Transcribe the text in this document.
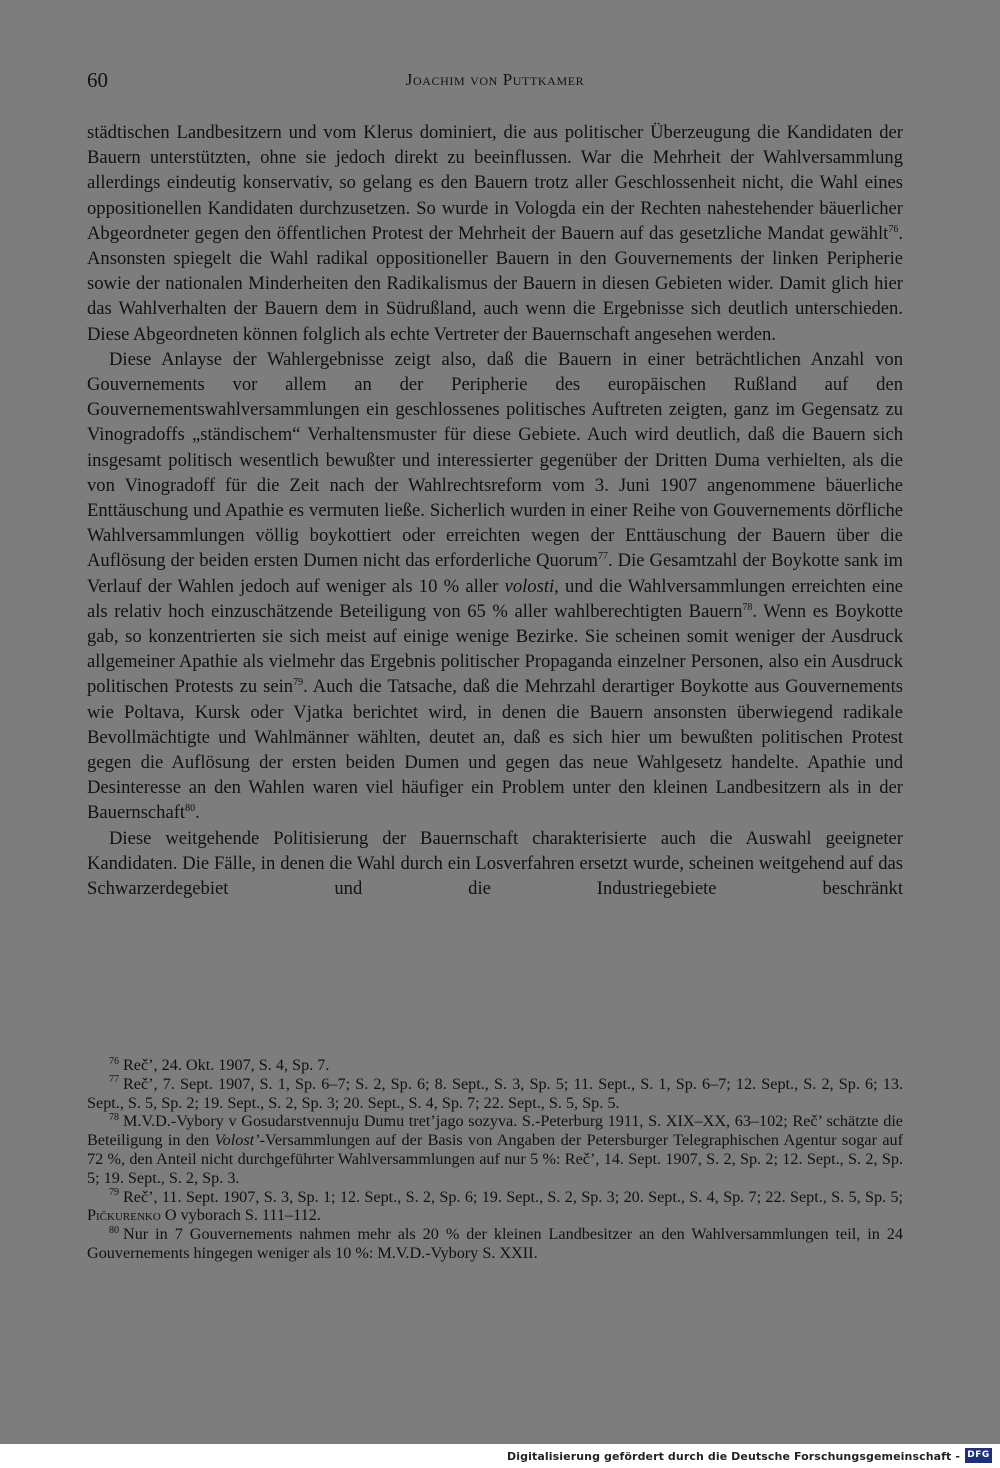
60	Joachim von Puttkamer

städtischen Landbesitzern und vom Klerus dominiert, die aus politischer Überzeugung die Kandidaten der Bauern unterstützten, ohne sie jedoch direkt zu beeinflussen. War die Mehrheit der Wahlversammlung allerdings eindeutig konservativ, so gelang es den Bauern trotz aller Geschlossenheit nicht, die Wahl eines oppositionellen Kandidaten durchzusetzen. So wurde in Vologda ein der Rechten nahestehender bäuerlicher Abgeordneter gegen den öffentlichen Protest der Mehrheit der Bauern auf das gesetzliche Mandat gewählt$^{76}$. Ansonsten spiegelt die Wahl radikal oppositioneller Bauern in den Gouvernements der linken Peripherie sowie der nationalen Minderheiten den Radikalismus der Bauern in diesen Gebieten wider. Damit glich hier das Wahlverhalten der Bauern dem in Südrußland, auch wenn die Ergebnisse sich deutlich unterschieden. Diese Abgeordneten können folglich als echte Vertreter der Bauernschaft angesehen werden.

Diese Anlayse der Wahlergebnisse zeigt also, daß die Bauern in einer beträchtlichen Anzahl von Gouvernements vor allem an der Peripherie des europäischen Rußland auf den Gouvernementswahlversammlungen ein geschlossenes politisches Auftreten zeigten, ganz im Gegensatz zu Vinogradoffs „ständischem“ Verhaltensmuster für diese Gebiete. Auch wird deutlich, daß die Bauern sich insgesamt politisch wesentlich bewußter und interessierter gegenüber der Dritten Duma verhielten, als die von Vinogradoff für die Zeit nach der Wahlrechtsreform vom 3. Juni 1907 angenommene bäuerliche Enttäuschung und Apathie es vermuten ließe. Sicherlich wurden in einer Reihe von Gouvernements dörfliche Wahlversammlungen völlig boykottiert oder erreichten wegen der Enttäuschung der Bauern über die Auflösung der beiden ersten Dumen nicht das erforderliche Quorum$^{77}$. Die Gesamtzahl der Boykotte sank im Verlauf der Wahlen jedoch auf weniger als 10 % aller volosti, und die Wahlversammlungen erreichten eine als relativ hoch einzuschätzende Beteiligung von 65 % aller wahlberechtigten Bauern$^{78}$. Wenn es Boykotte gab, so konzentrierten sie sich meist auf einige wenige Bezirke. Sie scheinen somit weniger der Ausdruck allgemeiner Apathie als vielmehr das Ergebnis politischer Propaganda einzelner Personen, also ein Ausdruck politischen Protests zu sein$^{79}$. Auch die Tatsache, daß die Mehrzahl derartiger Boykotte aus Gouvernements wie Poltava, Kursk oder Vjatka berichtet wird, in denen die Bauern ansonsten überwiegend radikale Bevollmächtigte und Wahlmänner wählten, deutet an, daß es sich hier um bewußten politischen Protest gegen die Auflösung der ersten beiden Dumen und gegen das neue Wahlgesetz handelte. Apathie und Desinteresse an den Wahlen waren viel häufiger ein Problem unter den kleinen Landbesitzern als in der Bauernschaft$^{80}$.

Diese weitgehende Politisierung der Bauernschaft charakterisierte auch die Auswahl geeigneter Kandidaten. Die Fälle, in denen die Wahl durch ein Losverfahren ersetzt wurde, scheinen weitgehend auf das Schwarzerdegebiet und die Industriegebiete beschränkt

$^{76}$ Reč’, 24. Okt. 1907, S. 4, Sp. 7.

$^{77}$ Reč’, 7. Sept. 1907, S. 1, Sp. 6–7; S. 2, Sp. 6; 8. Sept., S. 3, Sp. 5; 11. Sept., S. 1, Sp. 6–7; 12. Sept., S. 2, Sp. 6; 13. Sept., S. 5, Sp. 2; 19. Sept., S. 2, Sp. 3; 20. Sept., S. 4, Sp. 7; 22. Sept., S. 5, Sp. 5.

$^{78}$ M.V.D.-Vybory v Gosudarstvennuju Dumu tret’jago sozyva. S.-Peterburg 1911, S. XIX–XX, 63–102; Reč’ schätzte die Beteiligung in den Volost’-Versammlungen auf der Basis von Angaben der Petersburger Telegraphischen Agentur sogar auf 72 %, den Anteil nicht durchgeführter Wahlversammlungen auf nur 5 %: Reč’, 14. Sept. 1907, S. 2, Sp. 2; 12. Sept., S. 2, Sp. 5; 19. Sept., S. 2, Sp. 3.

$^{79}$ Reč’, 11. Sept. 1907, S. 3, Sp. 1; 12. Sept., S. 2, Sp. 6; 19. Sept., S. 2, Sp. 3; 20. Sept., S. 4, Sp. 7; 22. Sept., S. 5, Sp. 5; Pičkurenko O vyborach S. 111–112.

$^{80}$ Nur in 7 Gouvernements nahmen mehr als 20 % der kleinen Landbesitzer an den Wahlversammlungen teil, in 24 Gouvernements hingegen weniger als 10 %: M.V.D.-Vybory S. XXII.

Digitalisierung gefördert durch die Deutsche Forschungsgemeinschaft - DFG
